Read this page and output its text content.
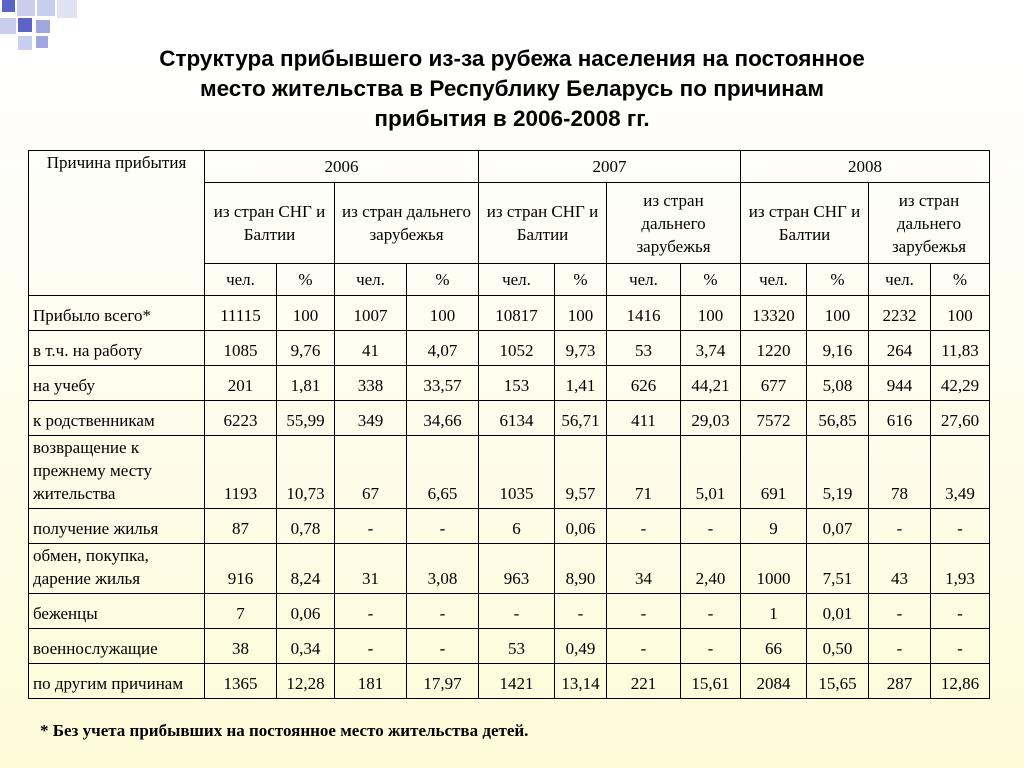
Структура прибывшего из-за рубежа населения на постоянное
место жительства в Республику Беларусь по причинам
прибытия в 2006-2008 гг.
Причина прибытия	2006				2007				2008			
	из стран СНГ и Балтии		из стран дальнего зарубежья		из стран СНГ и Балтии		из стран дальнего зарубежья		из стран СНГ и Балтии		из стран дальнего зарубежья	
	чел.	%	чел.	%	чел.	%	чел.	%	чел.	%	чел.	%
Прибыло всего*	11115	100	1007	100	10817	100	1416	100	13320	100	2232	100
в т.ч. на работу	1085	9,76	41	4,07	1052	9,73	53	3,74	1220	9,16	264	11,83
на учебу	201	1,81	338	33,57	153	1,41	626	44,21	677	5,08	944	42,29
к родственникам	6223	55,99	349	34,66	6134	56,71	411	29,03	7572	56,85	616	27,60
возвращение к прежнему месту жительства	1193	10,73	67	6,65	1035	9,57	71	5,01	691	5,19	78	3,49
получение жилья	87	0,78	-	-	6	0,06	-	-	9	0,07	-	-
обмен, покупка, дарение жилья	916	8,24	31	3,08	963	8,90	34	2,40	1000	7,51	43	1,93
беженцы	7	0,06	-	-	-	-	-	-	1	0,01	-	-
военнослужащие	38	0,34	-	-	53	0,49	-	-	66	0,50	-	-
по другим причинам	1365	12,28	181	17,97	1421	13,14	221	15,61	2084	15,65	287	12,86
* Без учета прибывших на постоянное место жительства детей.
